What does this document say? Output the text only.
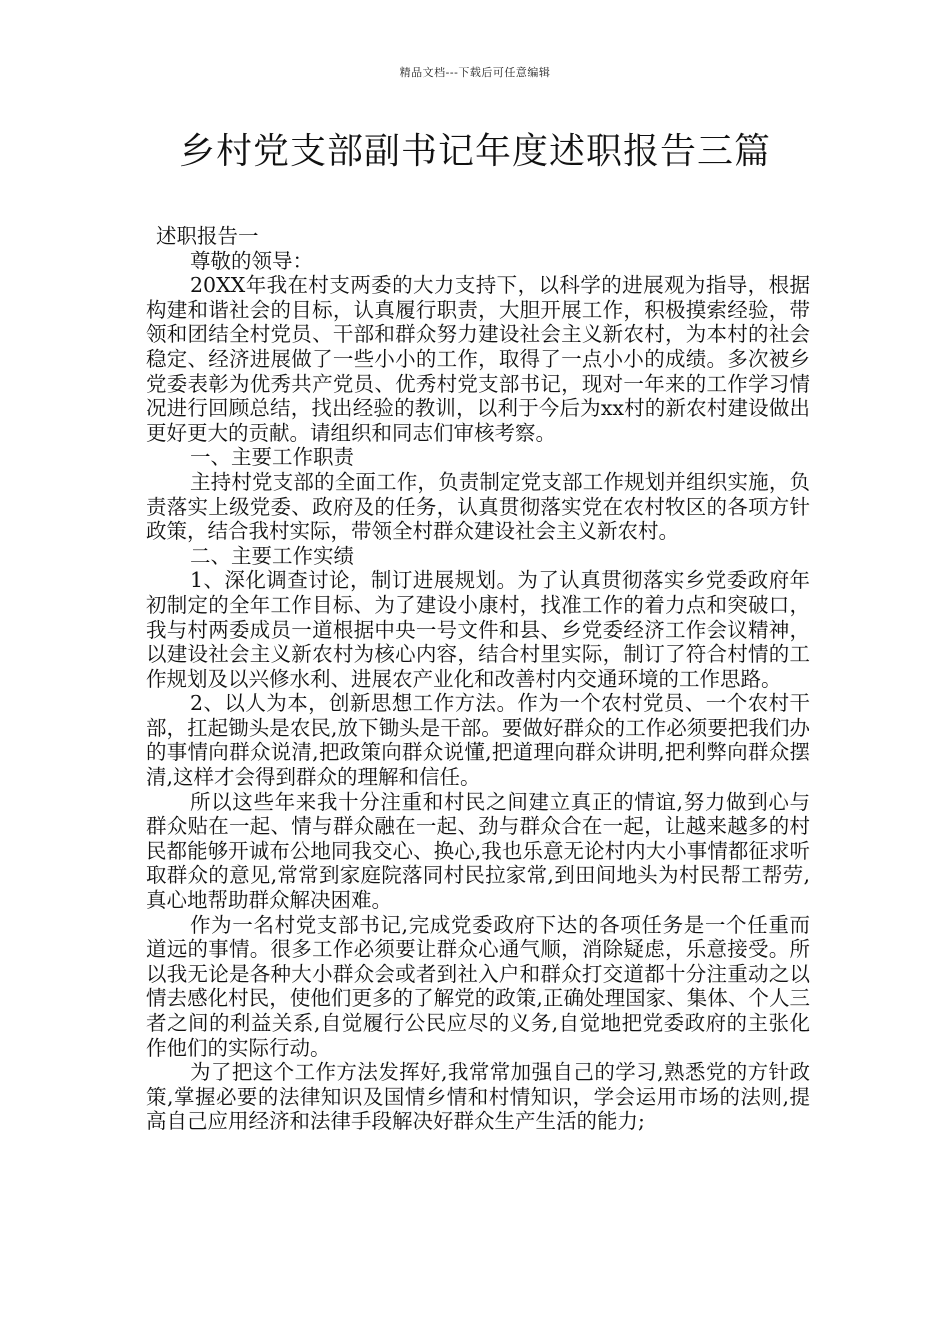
精品文档---下载后可任意编辑
乡村党支部副书记年度述职报告三篇

述职报告一

尊敬的领导：

20XX年我在村支两委的大力支持下，以科学的进展观为指导，根据构建和谐社会的目标，认真履行职责，大胆开展工作，积极摸索经验，带领和团结全村党员、干部和群众努力建设社会主义新农村，为本村的社会稳定、经济进展做了一些小小的工作，取得了一点小小的成绩。多次被乡党委表彰为优秀共产党员、优秀村党支部书记，现对一年来的工作学习情况进行回顾总结，找出经验的教训，以利于今后为xx村的新农村建设做出更好更大的贡献。请组织和同志们审核考察。

一、主要工作职责

主持村党支部的全面工作，负责制定党支部工作规划并组织实施，负责落实上级党委、政府及的任务，认真贯彻落实党在农村牧区的各项方针政策，结合我村实际，带领全村群众建设社会主义新农村。

二、主要工作实绩

1、深化调查讨论，制订进展规划。为了认真贯彻落实乡党委政府年初制定的全年工作目标、为了建设小康村，找准工作的着力点和突破口，我与村两委成员一道根据中央一号文件和县、乡党委经济工作会议精神，以建设社会主义新农村为核心内容，结合村里实际，制订了符合村情的工作规划及以兴修水利、进展农产业化和改善村内交通环境的工作思路。

2、以人为本，创新思想工作方法。作为一个农村党员、一个农村干部，扛起锄头是农民,放下锄头是干部。要做好群众的工作必须要把我们办的事情向群众说清,把政策向群众说懂,把道理向群众讲明,把利弊向群众摆清,这样才会得到群众的理解和信任。

所以这些年来我十分注重和村民之间建立真正的情谊,努力做到心与群众贴在一起、情与群众融在一起、劲与群众合在一起，让越来越多的村民都能够开诚布公地同我交心、换心,我也乐意无论村内大小事情都征求听取群众的意见,常常到家庭院落同村民拉家常,到田间地头为村民帮工帮劳,真心地帮助群众解决困难。

作为一名村党支部书记,完成党委政府下达的各项任务是一个任重而道远的事情。很多工作必须要让群众心通气顺，消除疑虑，乐意接受。所以我无论是各种大小群众会或者到社入户和群众打交道都十分注重动之以情去感化村民，使他们更多的了解党的政策,正确处理国家、集体、个人三者之间的利益关系,自觉履行公民应尽的义务,自觉地把党委政府的主张化作他们的实际行动。

为了把这个工作方法发挥好,我常常加强自己的学习,熟悉党的方针政策,掌握必要的法律知识及国情乡情和村情知识，学会运用市场的法则,提高自己应用经济和法律手段解决好群众生产生活的能力;
